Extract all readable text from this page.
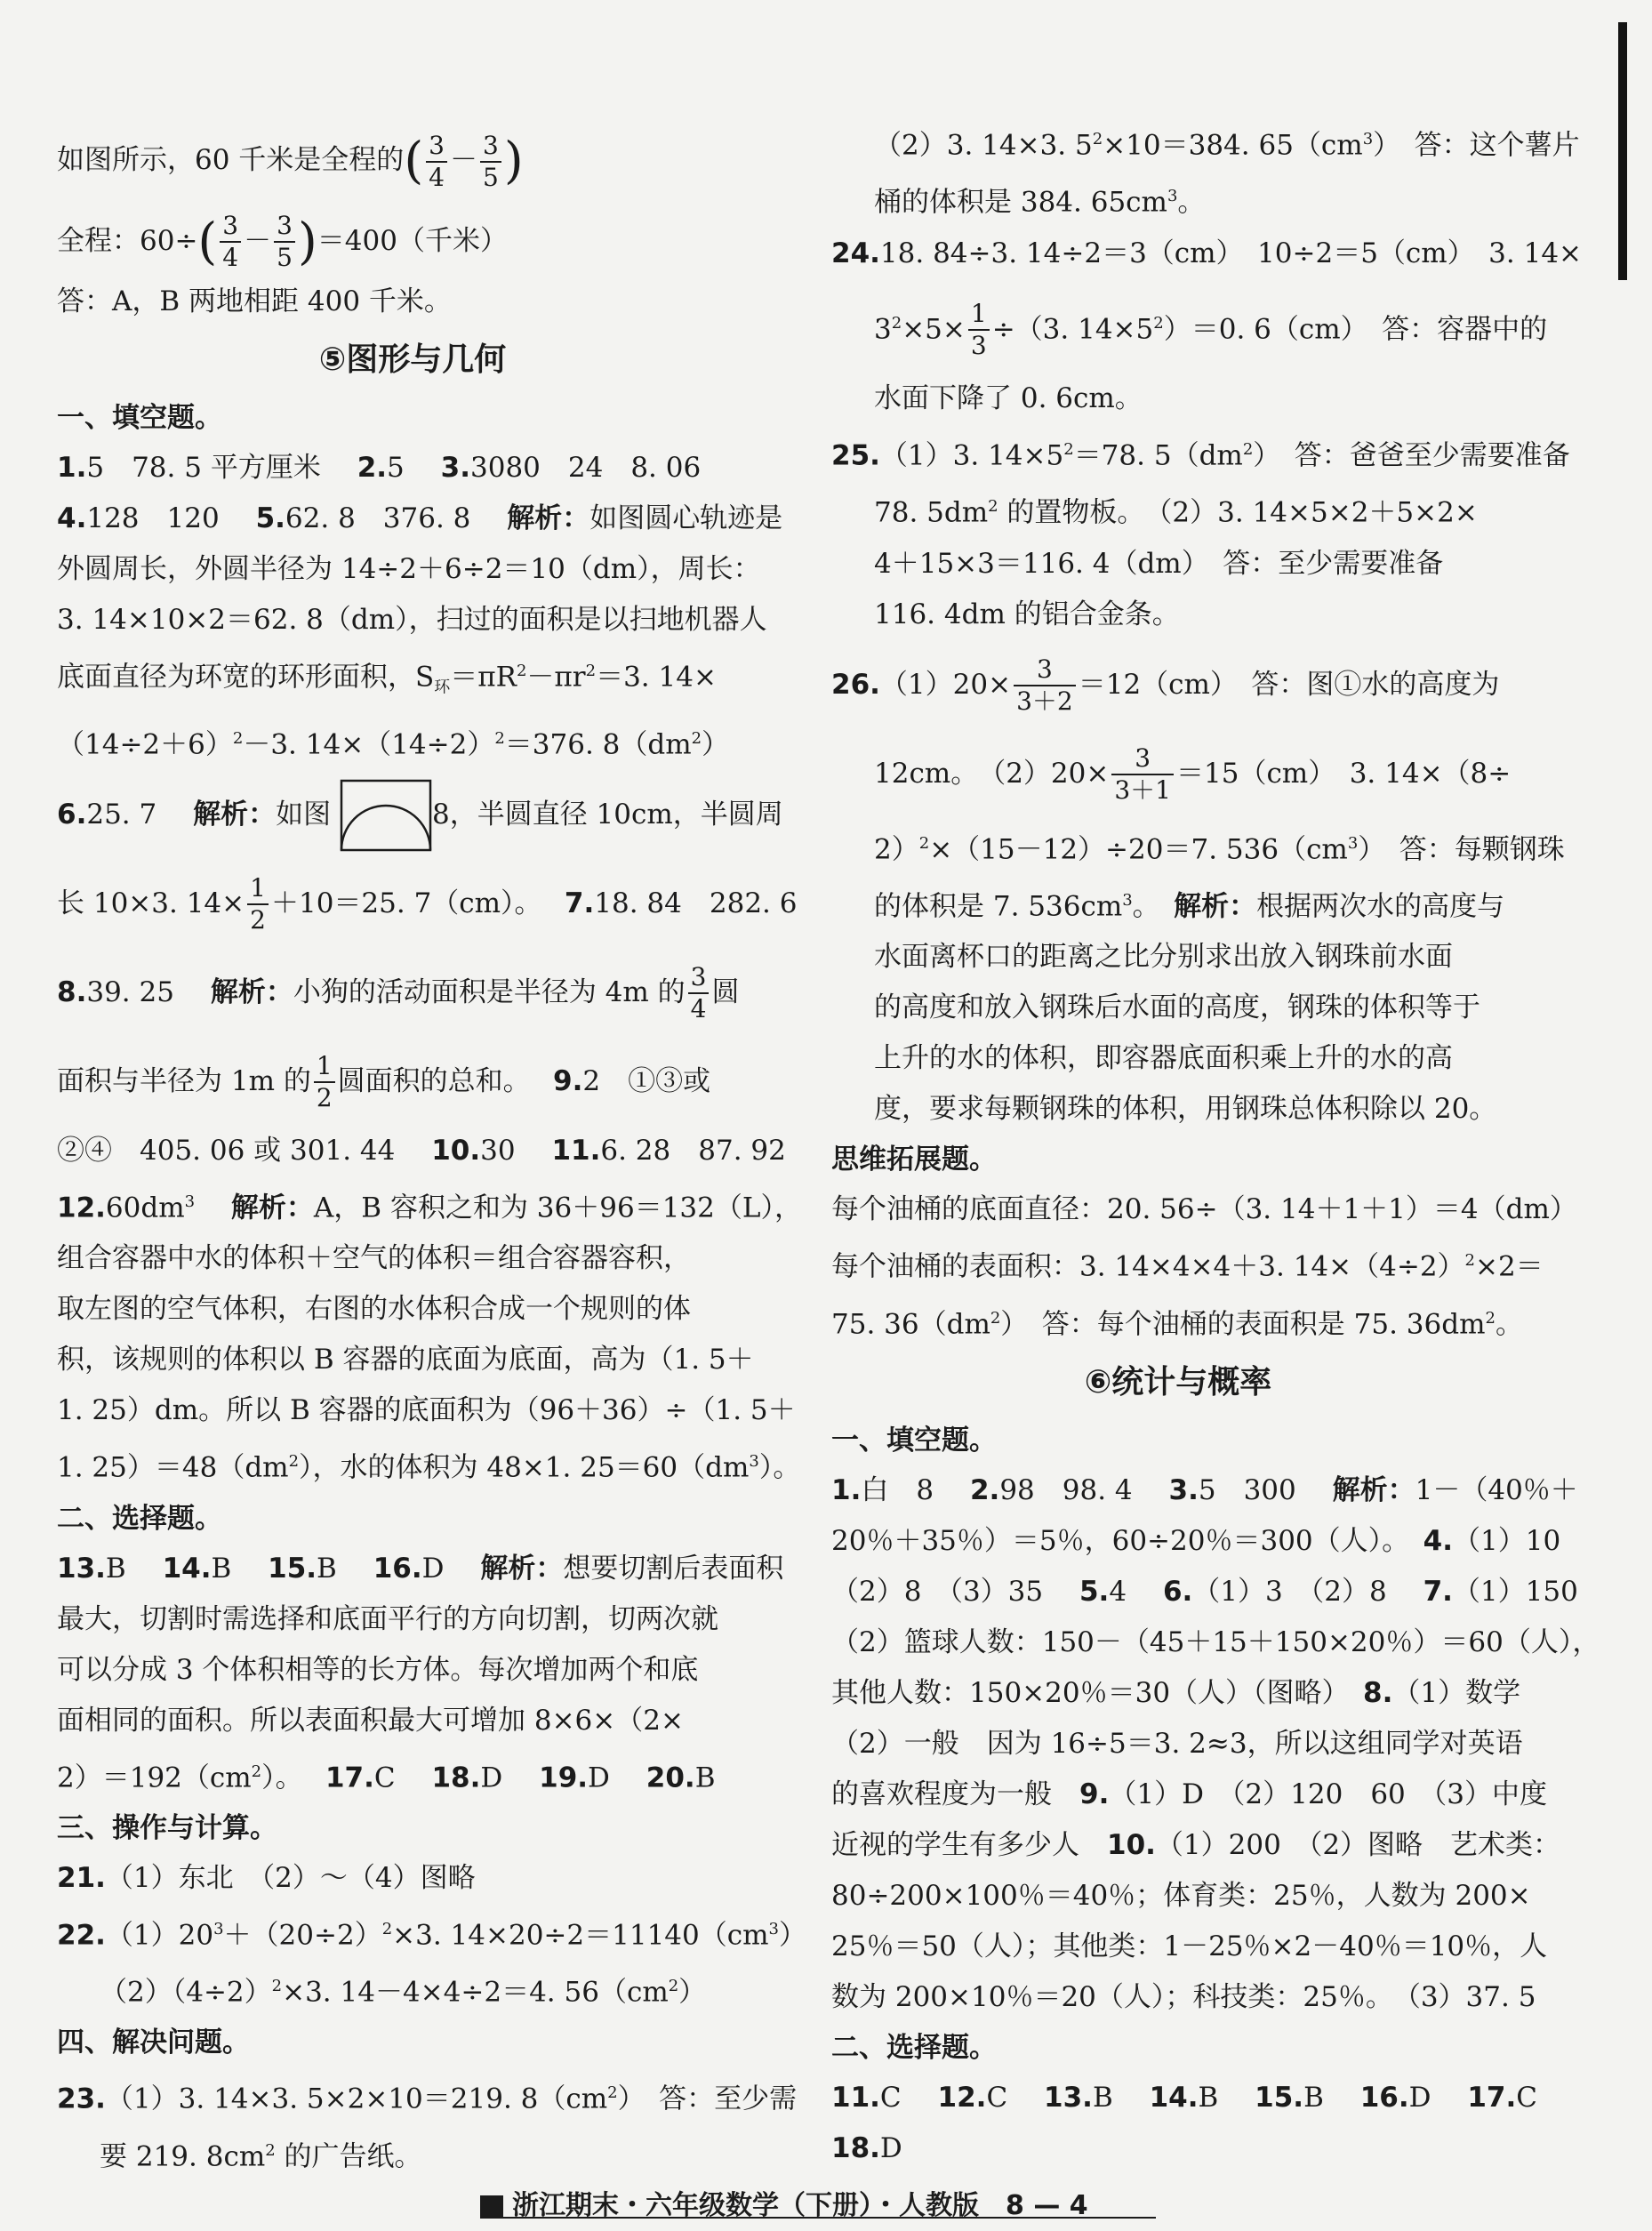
如图所示，60 千米是全程的( $\frac{3}{4} - \frac{3}{5}$ )
全程：$60\div( \frac{3}{4} - \frac{3}{5} )=400$（千米）
答：A，B 两地相距 400 千米。
⑤图形与几何
一、填空题。
1.5　78. 5 平方厘米　 2.5　 3.3080　24　8. 06
4.128　120　 5.62. 8　376. 8　 解析：如图圆心轨迹是
外圆周长，外圆半径为 14÷2＋6÷2＝10（dm），周长：
3. 14×10×2＝62. 8（dm），扫过的面积是以扫地机器人
底面直径为环宽的环形面积，$S_环=\pi R^2-\pi r^2=3$. 14×
$(14\div 2+6)^2-3$. $14\times(14\div 2)^2=376$. $8(dm^2)$
6.25. 7　 解析：如图	8，半圆直径 10cm，半圆周
长 10×3. $14\times \frac{1}{2} +10=25$. 7（cm）。　 7.18. 84　282. 6
8.39. 25　 解析：小狗的活动面积是半径为 4m 的 $\frac{3}{4}$ 圆
面积与半径为 1m 的 $\frac{1}{2}$ 圆面积的总和。　 9.2　①③或
②④　405. 06 或 301. 44　 10.30　 11.6. 28　87. 92
$12.60dm^3$　 解析：A，B 容积之和为 36＋96＝132（L），
组合容器中水的体积＋空气的体积＝组合容器容积，
取左图的空气体积，右图的水体积合成一个规则的体
积，该规则的体积以 B 容器的底面为底面，高为（1. 5＋
1. 25）dm。所以 B 容器的底面积为（96＋36）÷（1. 5＋
1. $25)=48(dm^2)$，水的体积为 48×1. $25=60(dm^3)$。
二、选择题。
13.B　 14.B　 15.B　 16.D　 解析：想要切割后表面积
最大，切割时需选择和底面平行的方向切割，切两次就
可以分成 3 个体积相等的长方体。每次增加两个和底
面相同的面积。所以表面积最大可增加 8×6×（2×
$2)=192(cm^2)$。　 17.C　 18.D　 19.D　 20.B
三、操作与计算。
21.（1）东北　（2）～（4）图略
$22.(1)20^3+(20\div 2)^2\times 3$. $14\times 20\div 2=11140(cm^3)$
$(2)(4\div 2)^2\times 3$. 14－4×4÷2＝4. $56(cm^2)$
四、解决问题。
23.（1）3. 14×3. 5×2×10＝219. $8(cm^2)$　答：至少需
要 219. $8cm^2$ 的广告纸。
（2）3. 14×3. $5^2\times 10=384$. $65(cm^3)$　答：这个薯片
桶的体积是 384. $65cm^3$。
24.18. 84÷3. 14÷2＝3（cm）　10÷2＝5（cm）　3. 14×
$3^2\times 5\times \frac{1}{3} \div(3$. $14\times 5^2)=0$. 6（cm）　答：容器中的
水面下降了 0. 6cm。
25.（1）3. $14\times 5^2=78$. $5(dm^2)$　答：爸爸至少需要准备
78. $5dm^2$ 的置物板。　（2）3. 14×5×2＋5×2×
4＋15×3＝116. 4（dm）　答：至少需要准备
116. 4dm 的铝合金条。
$26.(1)20\times \frac{3}{3+2} =12(cm)$　答：图①水的高度为
12cm。　$(2)20\times \frac{3}{3+1} =15(cm)$　3. 14×（8÷
2）$^2$×（15－12）÷20＝7. $536(cm^3)$　答：每颗钢珠
的体积是 7. $536cm^3$。　解析：根据两次水的高度与
水面离杯口的距离之比分别求出放入钢珠前水面
的高度和放入钢珠后水面的高度，钢珠的体积等于
上升的水的体积，即容器底面积乘上升的水的高
度，要求每颗钢珠的体积，用钢珠总体积除以 20。
思维拓展题。
每个油桶的底面直径：20. 56÷（3. 14＋1＋1）＝4（dm）
每个油桶的表面积：3. 14×4×4＋3. $14\times(4\div 2)^2\times 2=$
75. $36(dm^2)$　答：每个油桶的表面积是 75. $36dm^2$。
⑥统计与概率
一、填空题。
1.白　8　 2.98　98. 4　 3.5　300　 解析：1－（40％＋
20％＋35％）＝5％，60÷20％＝300（人）。　4.（1）10
（2）8　（3）35　 5.4　 6.（1）3　（2）8　 7.（1）150
（2）篮球人数：150－（45＋15＋150×20％）＝60（人），
其他人数：150×20％＝30（人）（图略）　8.（1）数学
（2）一般　因为 16÷5＝3. 2≈3，所以这组同学对英语
的喜欢程度为一般　9.（1）D　（2）120　60　（3）中度
近视的学生有多少人　10.（1）200　（2）图略　艺术类：
80÷200×100％＝40％；体育类：25％，人数为 200×
25％＝50（人）；其他类：1－25％×2－40％＝10％，人
数为 200×10％＝20（人）；科技类：25％。　（3）37. 5
二、选择题。
11.C　 12.C　 13.B　 14.B　 15.B　 16.D　 17.C
18.D
浙江期末・六年级数学（下册）・人教版　 8 — 4
